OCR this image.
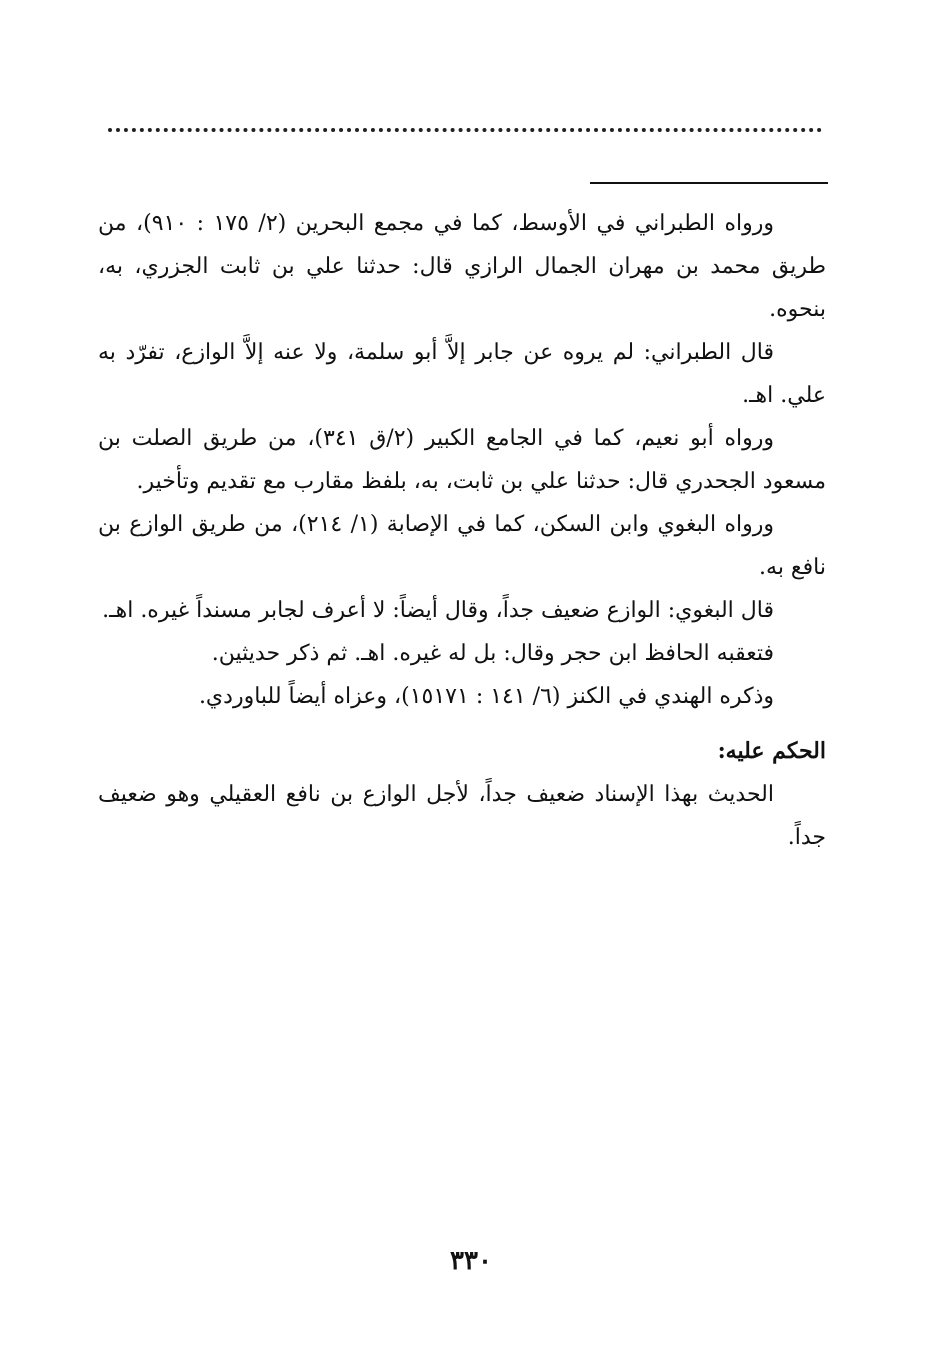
ورواه الطبراني في الأوسط، كما في مجمع البحرين (٢/ ١٧٥ : ٩١٠)، من طريق محمد بن مهران الجمال الرازي قال: حدثنا علي بن ثابت الجزري، به، بنحوه.

قال الطبراني: لم يروه عن جابر إلاَّ أبو سلمة، ولا عنه إلاَّ الوازع، تفرّد به علي. اهـ.

ورواه أبو نعيم، كما في الجامع الكبير (٢/ق ٣٤١)، من طريق الصلت بن مسعود الجحدري قال: حدثنا علي بن ثابت، به، بلفظ مقارب مع تقديم وتأخير.

ورواه البغوي وابن السكن، كما في الإصابة (١/ ٢١٤)، من طريق الوازع بن نافع به.

قال البغوي: الوازع ضعيف جداً، وقال أيضاً: لا أعرف لجابر مسنداً غيره. اهـ.

فتعقبه الحافظ ابن حجر وقال: بل له غيره. اهـ. ثم ذكر حديثين.

وذكره الهندي في الكنز (٦/ ١٤١ : ١٥١٧١)، وعزاه أيضاً للباوردي.

الحكم عليه:

الحديث بهذا الإسناد ضعيف جداً، لأجل الوازع بن نافع العقيلي وهو ضعيف جداً.

٣٣٠
